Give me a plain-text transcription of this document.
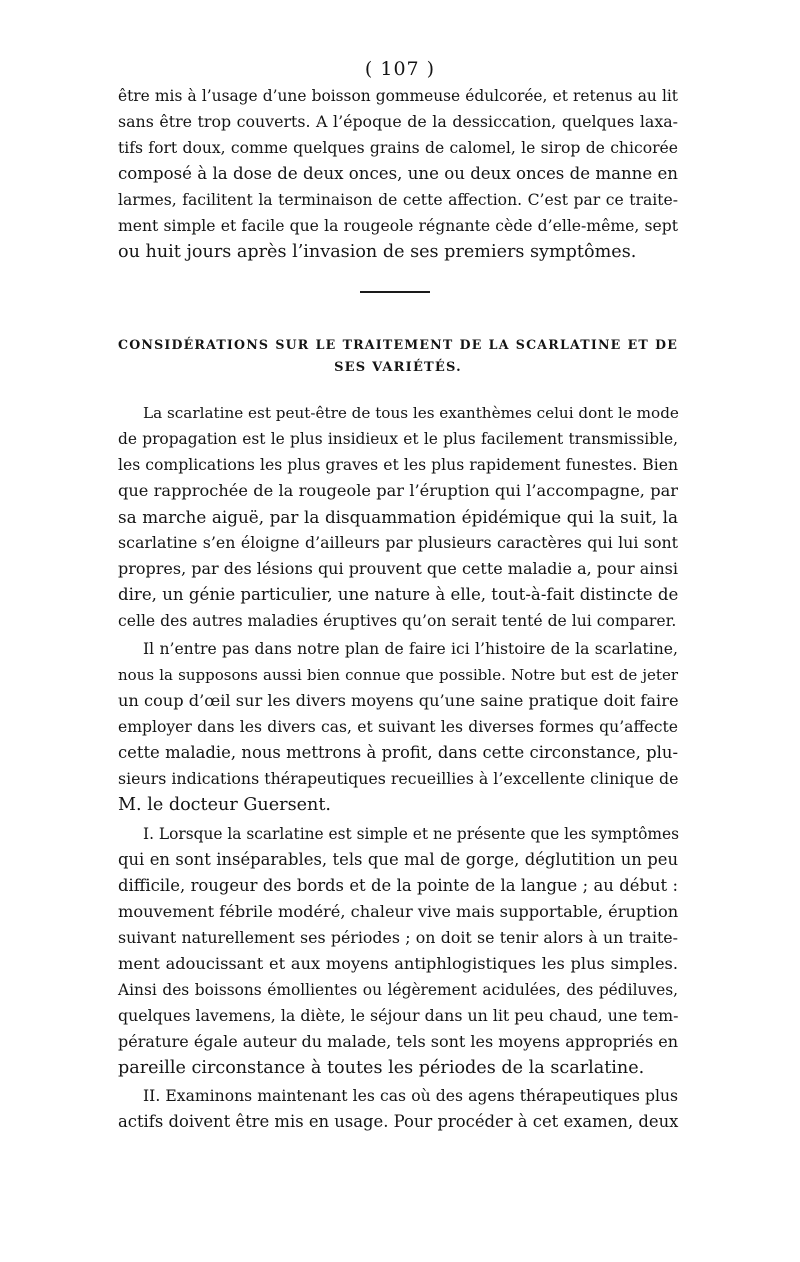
( 107 )
être mis à l’usage d’une boisson gommeuse édulcorée, et retenus au lit
sans être trop couverts. A l’époque de la dessiccation, quelques laxa-
tifs fort doux, comme quelques grains de calomel, le sirop de chicorée
composé à la dose de deux onces, une ou deux onces de manne en
larmes, facilitent la terminaison de cette affection. C’est par ce traite-
ment simple et facile que la rougeole régnante cède d’elle-même, sept
ou huit jours après l’invasion de ses premiers symptômes.
CONSIDÉRATIONS SUR LE TRAITEMENT DE LA SCARLATINE ET DE
SES VARIÉTÉS.
La scarlatine est peut-être de tous les exanthèmes celui dont le mode
de propagation est le plus insidieux et le plus facilement transmissible,
les complications les plus graves et les plus rapidement funestes. Bien
que rapprochée de la rougeole par l’éruption qui l’accompagne, par
sa marche aiguë, par la disquammation épidémique qui la suit, la
scarlatine s’en éloigne d’ailleurs par plusieurs caractères qui lui sont
propres, par des lésions qui prouvent que cette maladie a, pour ainsi
dire, un génie particulier, une nature à elle, tout-à-fait distincte de
celle des autres maladies éruptives qu’on serait tenté de lui comparer.
Il n’entre pas dans notre plan de faire ici l’histoire de la scarlatine,
nous la supposons aussi bien connue que possible. Notre but est de jeter
un coup d’œil sur les divers moyens qu’une saine pratique doit faire
employer dans les divers cas, et suivant les diverses formes qu’affecte
cette maladie, nous mettrons à profit, dans cette circonstance, plu-
sieurs indications thérapeutiques recueillies à l’excellente clinique de
M. le docteur Guersent.
I. Lorsque la scarlatine est simple et ne présente que les symptômes
qui en sont inséparables, tels que mal de gorge, déglutition un peu
difficile, rougeur des bords et de la pointe de la langue ; au début :
mouvement fébrile modéré, chaleur vive mais supportable, éruption
suivant naturellement ses périodes ; on doit se tenir alors à un traite-
ment adoucissant et aux moyens antiphlogistiques les plus simples.
Ainsi des boissons émollientes ou légèrement acidulées, des pédiluves,
quelques lavemens, la diète, le séjour dans un lit peu chaud, une tem-
pérature égale auteur du malade, tels sont les moyens appropriés en
pareille circonstance à toutes les périodes de la scarlatine.
II. Examinons maintenant les cas où des agens thérapeutiques plus
actifs doivent être mis en usage. Pour procéder à cet examen, deux
